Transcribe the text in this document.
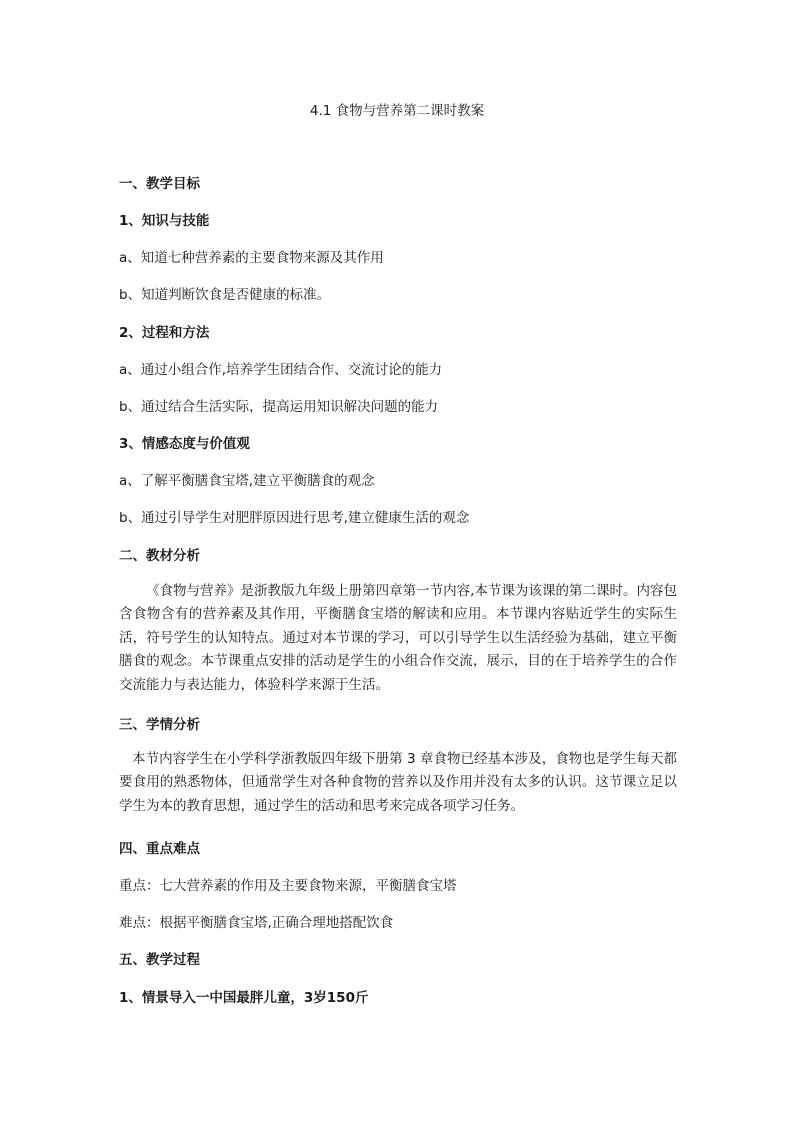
4.1 食物与营养第二课时教案
一、教学目标
1、知识与技能
a、知道七种营养素的主要食物来源及其作用
b、知道判断饮食是否健康的标准。
2、过程和方法
a、通过小组合作,培养学生团结合作、交流讨论的能力
b、通过结合生活实际，提高运用知识解决问题的能力
3、情感态度与价值观
a、了解平衡膳食宝塔,建立平衡膳食的观念
b、通过引导学生对肥胖原因进行思考,建立健康生活的观念
二、教材分析
《食物与营养》是浙教版九年级上册第四章第一节内容,本节课为该课的第二课时。内容包含食物含有的营养素及其作用，平衡膳食宝塔的解读和应用。本节课内容贴近学生的实际生活，符号学生的认知特点。通过对本节课的学习，可以引导学生以生活经验为基础，建立平衡膳食的观念。本节课重点安排的活动是学生的小组合作交流，展示，目的在于培养学生的合作交流能力与表达能力，体验科学来源于生活。
三、学情分析
本节内容学生在小学科学浙教版四年级下册第 3 章食物已经基本涉及，食物也是学生每天都要食用的熟悉物体，但通常学生对各种食物的营养以及作用并没有太多的认识。这节课立足以学生为本的教育思想，通过学生的活动和思考来完成各项学习任务。
四、重点难点
重点：七大营养素的作用及主要食物来源，平衡膳食宝塔
难点：根据平衡膳食宝塔,正确合理地搭配饮食
五、教学过程
1、情景导入一中国最胖儿童，3岁150斤
